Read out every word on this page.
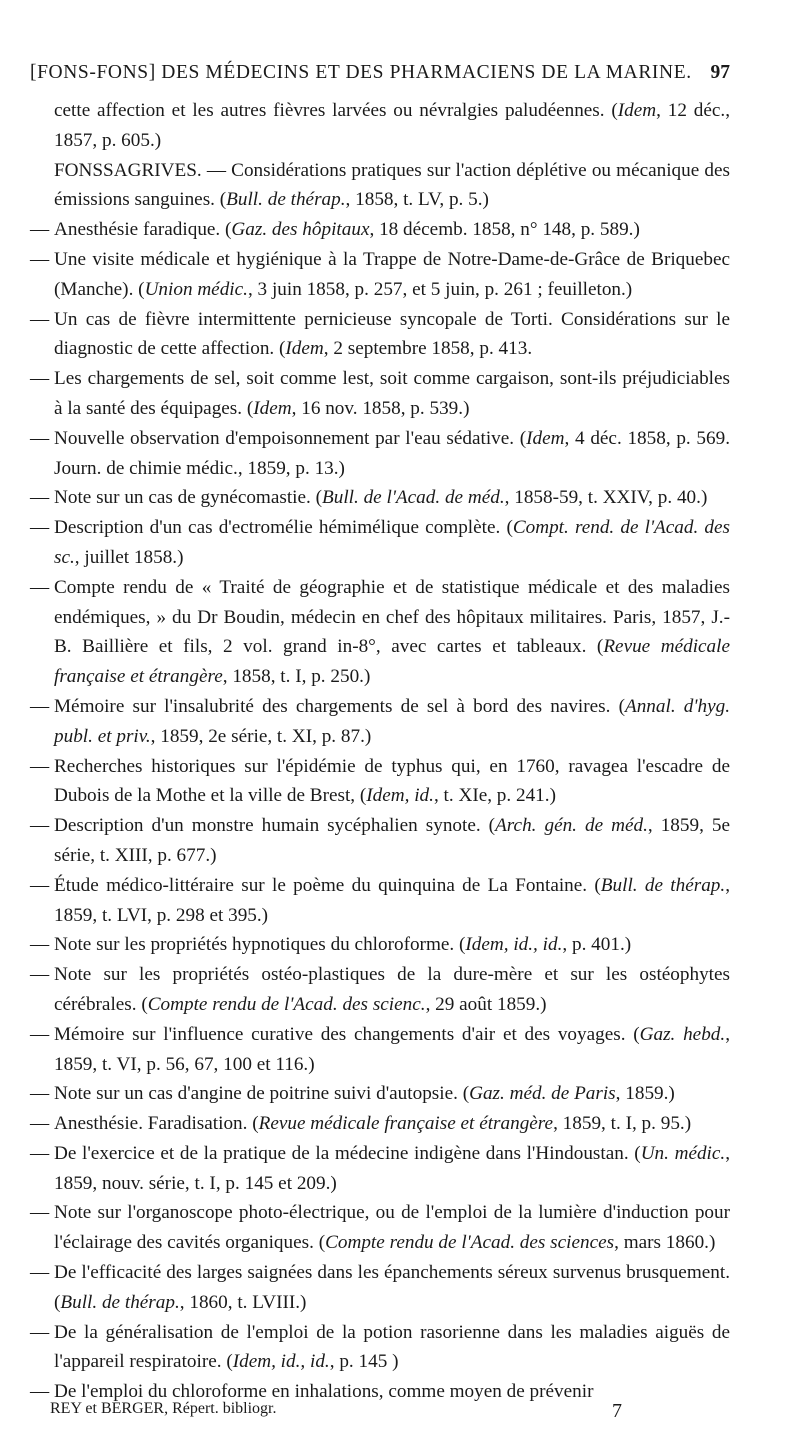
[FONS-FONS] DES MÉDECINS ET DES PHARMACIENS DE LA MARINE. 97

cette affection et les autres fièvres larvées ou névralgies paludéennes. (Idem, 12 déc., 1857, p. 605.)

FONSSAGRIVES. — Considérations pratiques sur l'action déplétive ou mécanique des émissions sanguines. (Bull. de thérap., 1858, t. LV, p. 5.)

— Anesthésie faradique. (Gaz. des hôpitaux, 18 décemb. 1858, n° 148, p. 589.)

— Une visite médicale et hygiénique à la Trappe de Notre-Dame-de-Grâce de Briquebec (Manche). (Union médic., 3 juin 1858, p. 257, et 5 juin, p. 261 ; feuilleton.)

— Un cas de fièvre intermittente pernicieuse syncopale de Torti. Considérations sur le diagnostic de cette affection. (Idem, 2 septembre 1858, p. 413.

— Les chargements de sel, soit comme lest, soit comme cargaison, sont-ils préjudiciables à la santé des équipages. (Idem, 16 nov. 1858, p. 539.)

— Nouvelle observation d'empoisonnement par l'eau sédative. (Idem, 4 déc. 1858, p. 569. Journ. de chimie médic., 1859, p. 13.)

— Note sur un cas de gynécomastie. (Bull. de l'Acad. de méd., 1858-59, t. XXIV, p. 40.)

— Description d'un cas d'ectromélie hémimélique complète. (Compt. rend. de l'Acad. des sc., juillet 1858.)

— Compte rendu de « Traité de géographie et de statistique médicale et des maladies endémiques, » du Dr Boudin, médecin en chef des hôpitaux militaires. Paris, 1857, J.-B. Baillière et fils, 2 vol. grand in-8°, avec cartes et tableaux. (Revue médicale française et étrangère, 1858, t. I, p. 250.)

— Mémoire sur l'insalubrité des chargements de sel à bord des navires. (Annal. d'hyg. publ. et priv., 1859, 2e série, t. XI, p. 87.)

— Recherches historiques sur l'épidémie de typhus qui, en 1760, ravagea l'escadre de Dubois de la Mothe et la ville de Brest, (Idem, id., t. XIe, p. 241.)

— Description d'un monstre humain sycéphalien synote. (Arch. gén. de méd., 1859, 5e série, t. XIII, p. 677.)

— Étude médico-littéraire sur le poème du quinquina de La Fontaine. (Bull. de thérap., 1859, t. LVI, p. 298 et 395.)

— Note sur les propriétés hypnotiques du chloroforme. (Idem, id., id., p. 401.)

— Note sur les propriétés ostéo-plastiques de la dure-mère et sur les ostéophytes cérébrales. (Compte rendu de l'Acad. des scienc., 29 août 1859.)

— Mémoire sur l'influence curative des changements d'air et des voyages. (Gaz. hebd., 1859, t. VI, p. 56, 67, 100 et 116.)

— Note sur un cas d'angine de poitrine suivi d'autopsie. (Gaz. méd. de Paris, 1859.)

— Anesthésie. Faradisation. (Revue médicale française et étrangère, 1859, t. I, p. 95.)

— De l'exercice et de la pratique de la médecine indigène dans l'Hindoustan. (Un. médic., 1859, nouv. série, t. I, p. 145 et 209.)

— Note sur l'organoscope photo-électrique, ou de l'emploi de la lumière d'induction pour l'éclairage des cavités organiques. (Compte rendu de l'Acad. des sciences, mars 1860.)

— De l'efficacité des larges saignées dans les épanchements séreux survenus brusquement. (Bull. de thérap., 1860, t. LVIII.)

— De la généralisation de l'emploi de la potion rasorienne dans les maladies aiguës de l'appareil respiratoire. (Idem, id., id., p. 145 )

— De l'emploi du chloroforme en inhalations, comme moyen de prévenir

REY et BERGER, Répert. bibliogr.	7
